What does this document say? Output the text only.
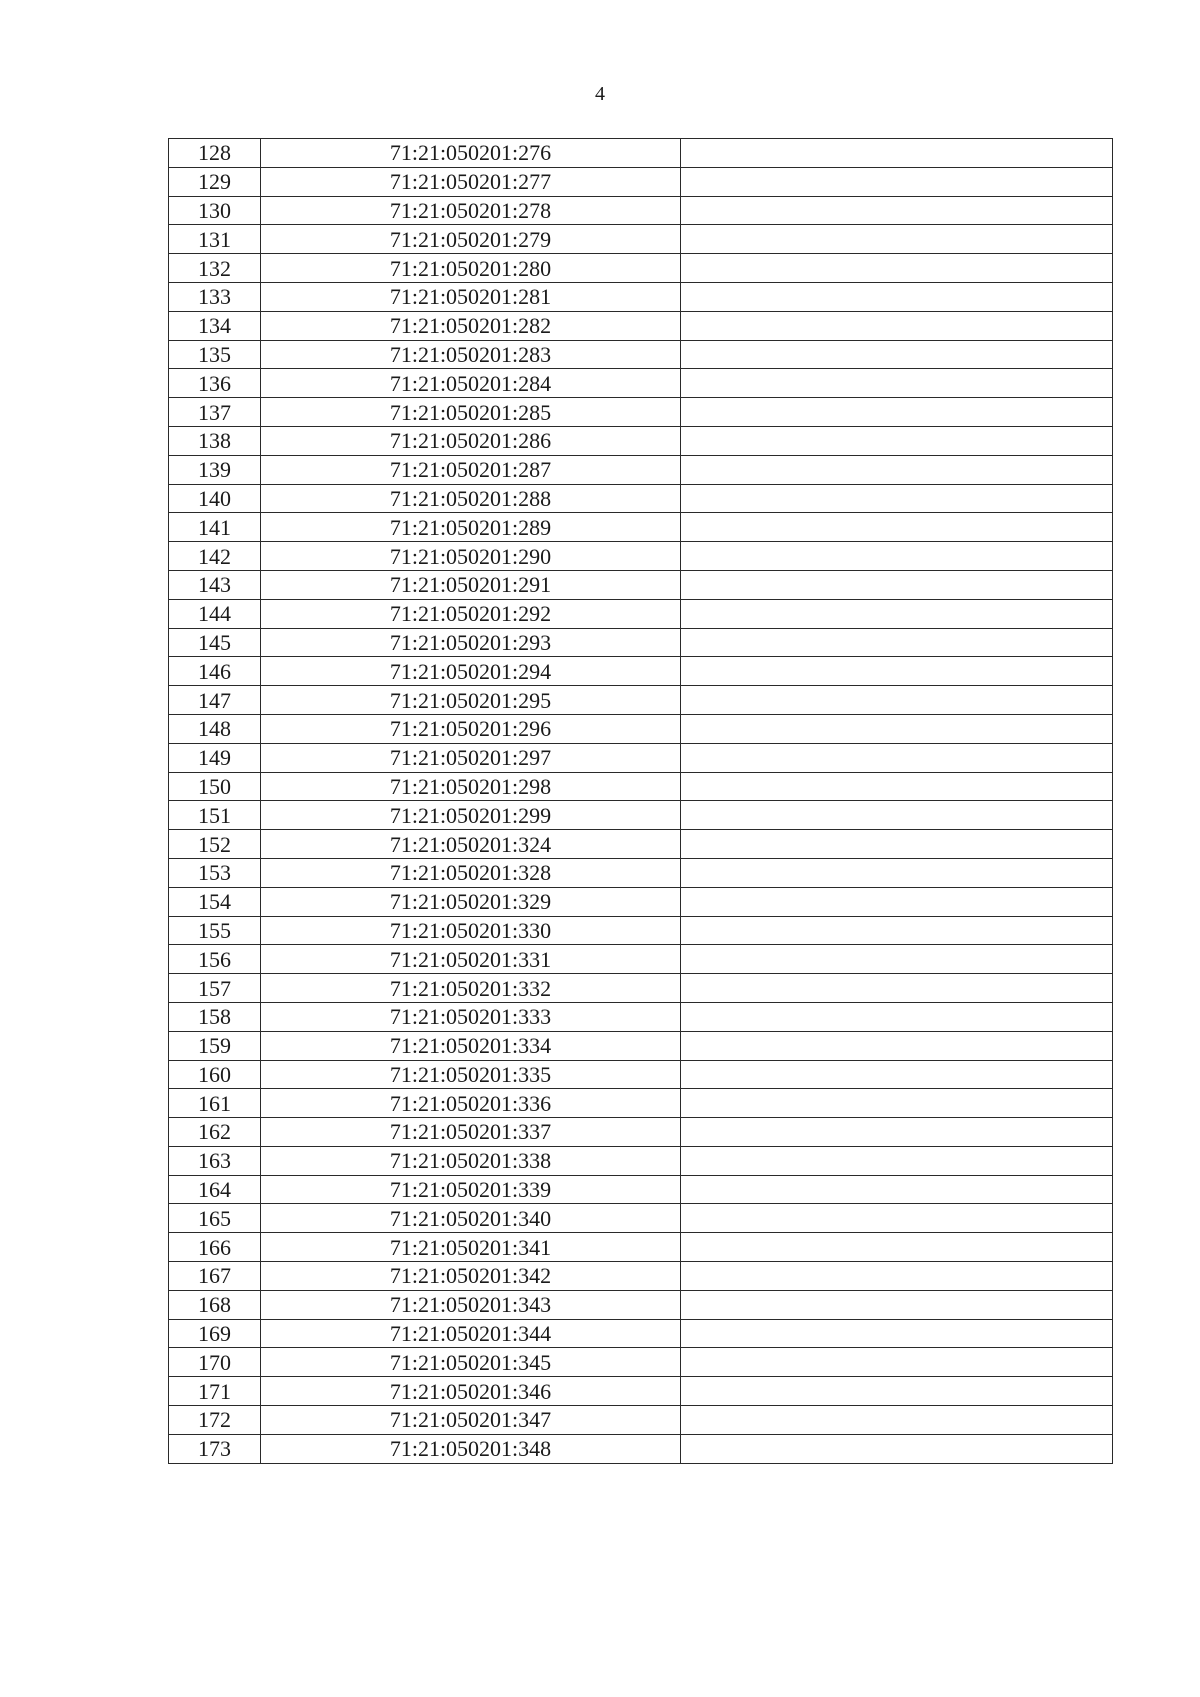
4
128	71:21:050201:276	
129	71:21:050201:277	
130	71:21:050201:278	
131	71:21:050201:279	
132	71:21:050201:280	
133	71:21:050201:281	
134	71:21:050201:282	
135	71:21:050201:283	
136	71:21:050201:284	
137	71:21:050201:285	
138	71:21:050201:286	
139	71:21:050201:287	
140	71:21:050201:288	
141	71:21:050201:289	
142	71:21:050201:290	
143	71:21:050201:291	
144	71:21:050201:292	
145	71:21:050201:293	
146	71:21:050201:294	
147	71:21:050201:295	
148	71:21:050201:296	
149	71:21:050201:297	
150	71:21:050201:298	
151	71:21:050201:299	
152	71:21:050201:324	
153	71:21:050201:328	
154	71:21:050201:329	
155	71:21:050201:330	
156	71:21:050201:331	
157	71:21:050201:332	
158	71:21:050201:333	
159	71:21:050201:334	
160	71:21:050201:335	
161	71:21:050201:336	
162	71:21:050201:337	
163	71:21:050201:338	
164	71:21:050201:339	
165	71:21:050201:340	
166	71:21:050201:341	
167	71:21:050201:342	
168	71:21:050201:343	
169	71:21:050201:344	
170	71:21:050201:345	
171	71:21:050201:346	
172	71:21:050201:347	
173	71:21:050201:348	
